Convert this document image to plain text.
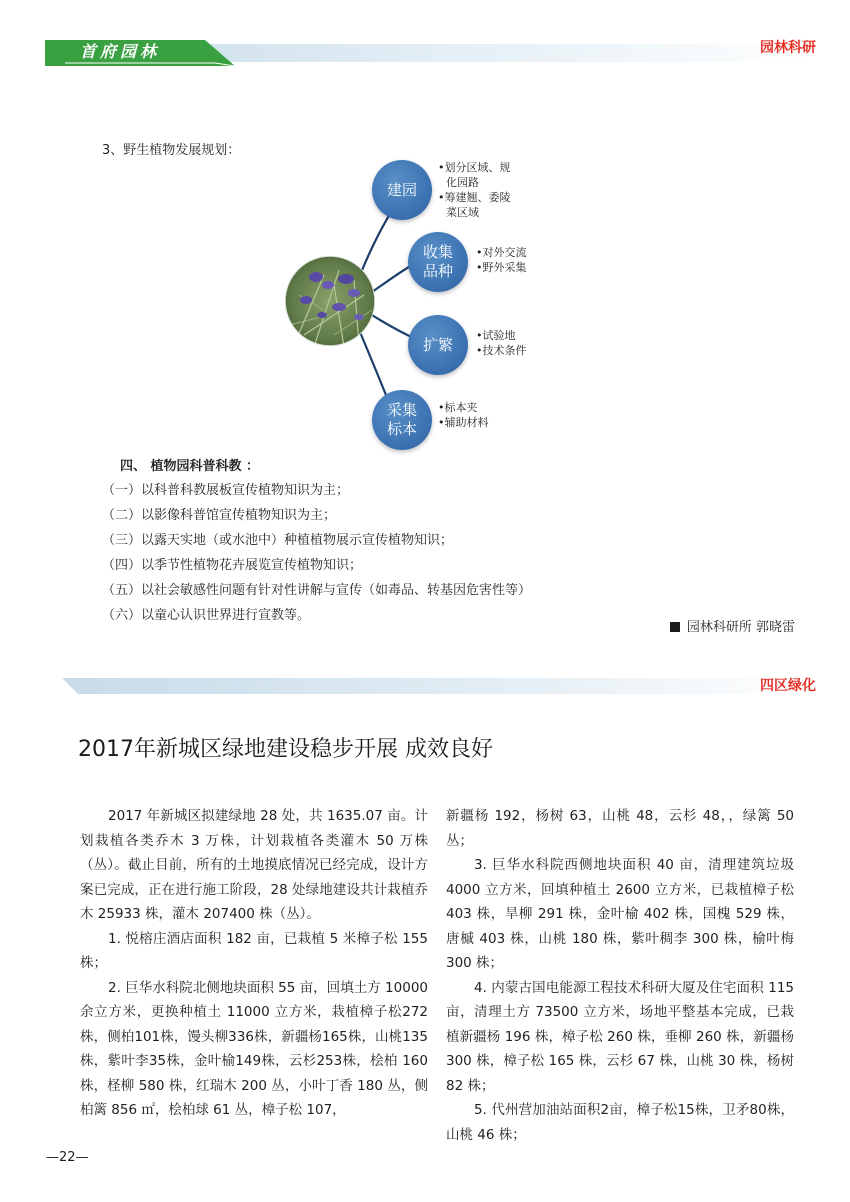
首府园林	园林科研
3、野生植物发展规划：
建园
•划分区域、规
化园路
•筹建翘、委陵
菜区域
收集品种
•对外交流
•野外采集
扩繁	•试验地
•技术条件
采集标本
•标本夹
•辅助材料
四、 植物园科普科教 ：
（一）以科普科教展板宣传植物知识为主；
（二）以影像科普馆宣传植物知识为主；
（三）以露天实地（或水池中）种植植物展示宣传植物知识；
（四）以季节性植物花卉展览宣传植物知识；
（五）以社会敏感性问题有针对性讲解与宣传（如毒品、转基因危害性等）
（六）以童心认识世界进行宣教等。
园林科研所 郭晓雷
四区绿化
2017年新城区绿地建设稳步开展 成效良好

2017 年新城区拟建绿地 28 处，共 1635.07 亩。计划栽植各类乔木 3 万株，计划栽植各类灌木 50 万株（丛）。截止目前，所有的土地摸底情况已经完成，设计方案已完成，正在进行施工阶段，28 处绿地建设共计栽植乔木 25933 株，灌木 207400 株（丛）。

1. 悦榕庄酒店面积 182 亩，已栽植 5 米樟子松 155 株；

2. 巨华水科院北侧地块面积 55 亩，回填土方 10000 余立方米，更换种植土 11000 立方米，栽植樟子松272株，侧柏101株，馒头柳336株，新疆杨165株，山桃135株，紫叶李35株，金叶榆149株，云杉253株，桧柏 160 株，柽柳 580 株，红瑞木 200 丛，小叶丁香 180 丛，侧柏篱 856 ㎡，桧柏球 61 丛，樟子松 107，

新疆杨 192，杨树 63，山桃 48，云杉 48，，绿篱 50 丛；

3. 巨华水科院西侧地块面积 40 亩，清理建筑垃圾 4000 立方米，回填种植土 2600 立方米，已栽植樟子松 403 株，旱柳 291 株，金叶榆 402 株，国槐 529 株，唐槭 403 株，山桃 180 株，紫叶稠李 300 株，榆叶梅 300 株；

4. 内蒙古国电能源工程技术科研大厦及住宅面积 115 亩，清理土方 73500 立方米，场地平整基本完成，已栽植新疆杨 196 株，樟子松 260 株，垂柳 260 株，新疆杨 300 株，樟子松 165 株，云杉 67 株，山桃 30 株，杨树 82 株；

5. 代州营加油站面积2亩，樟子松15株，卫矛80株，山桃 46 株；

—22—
